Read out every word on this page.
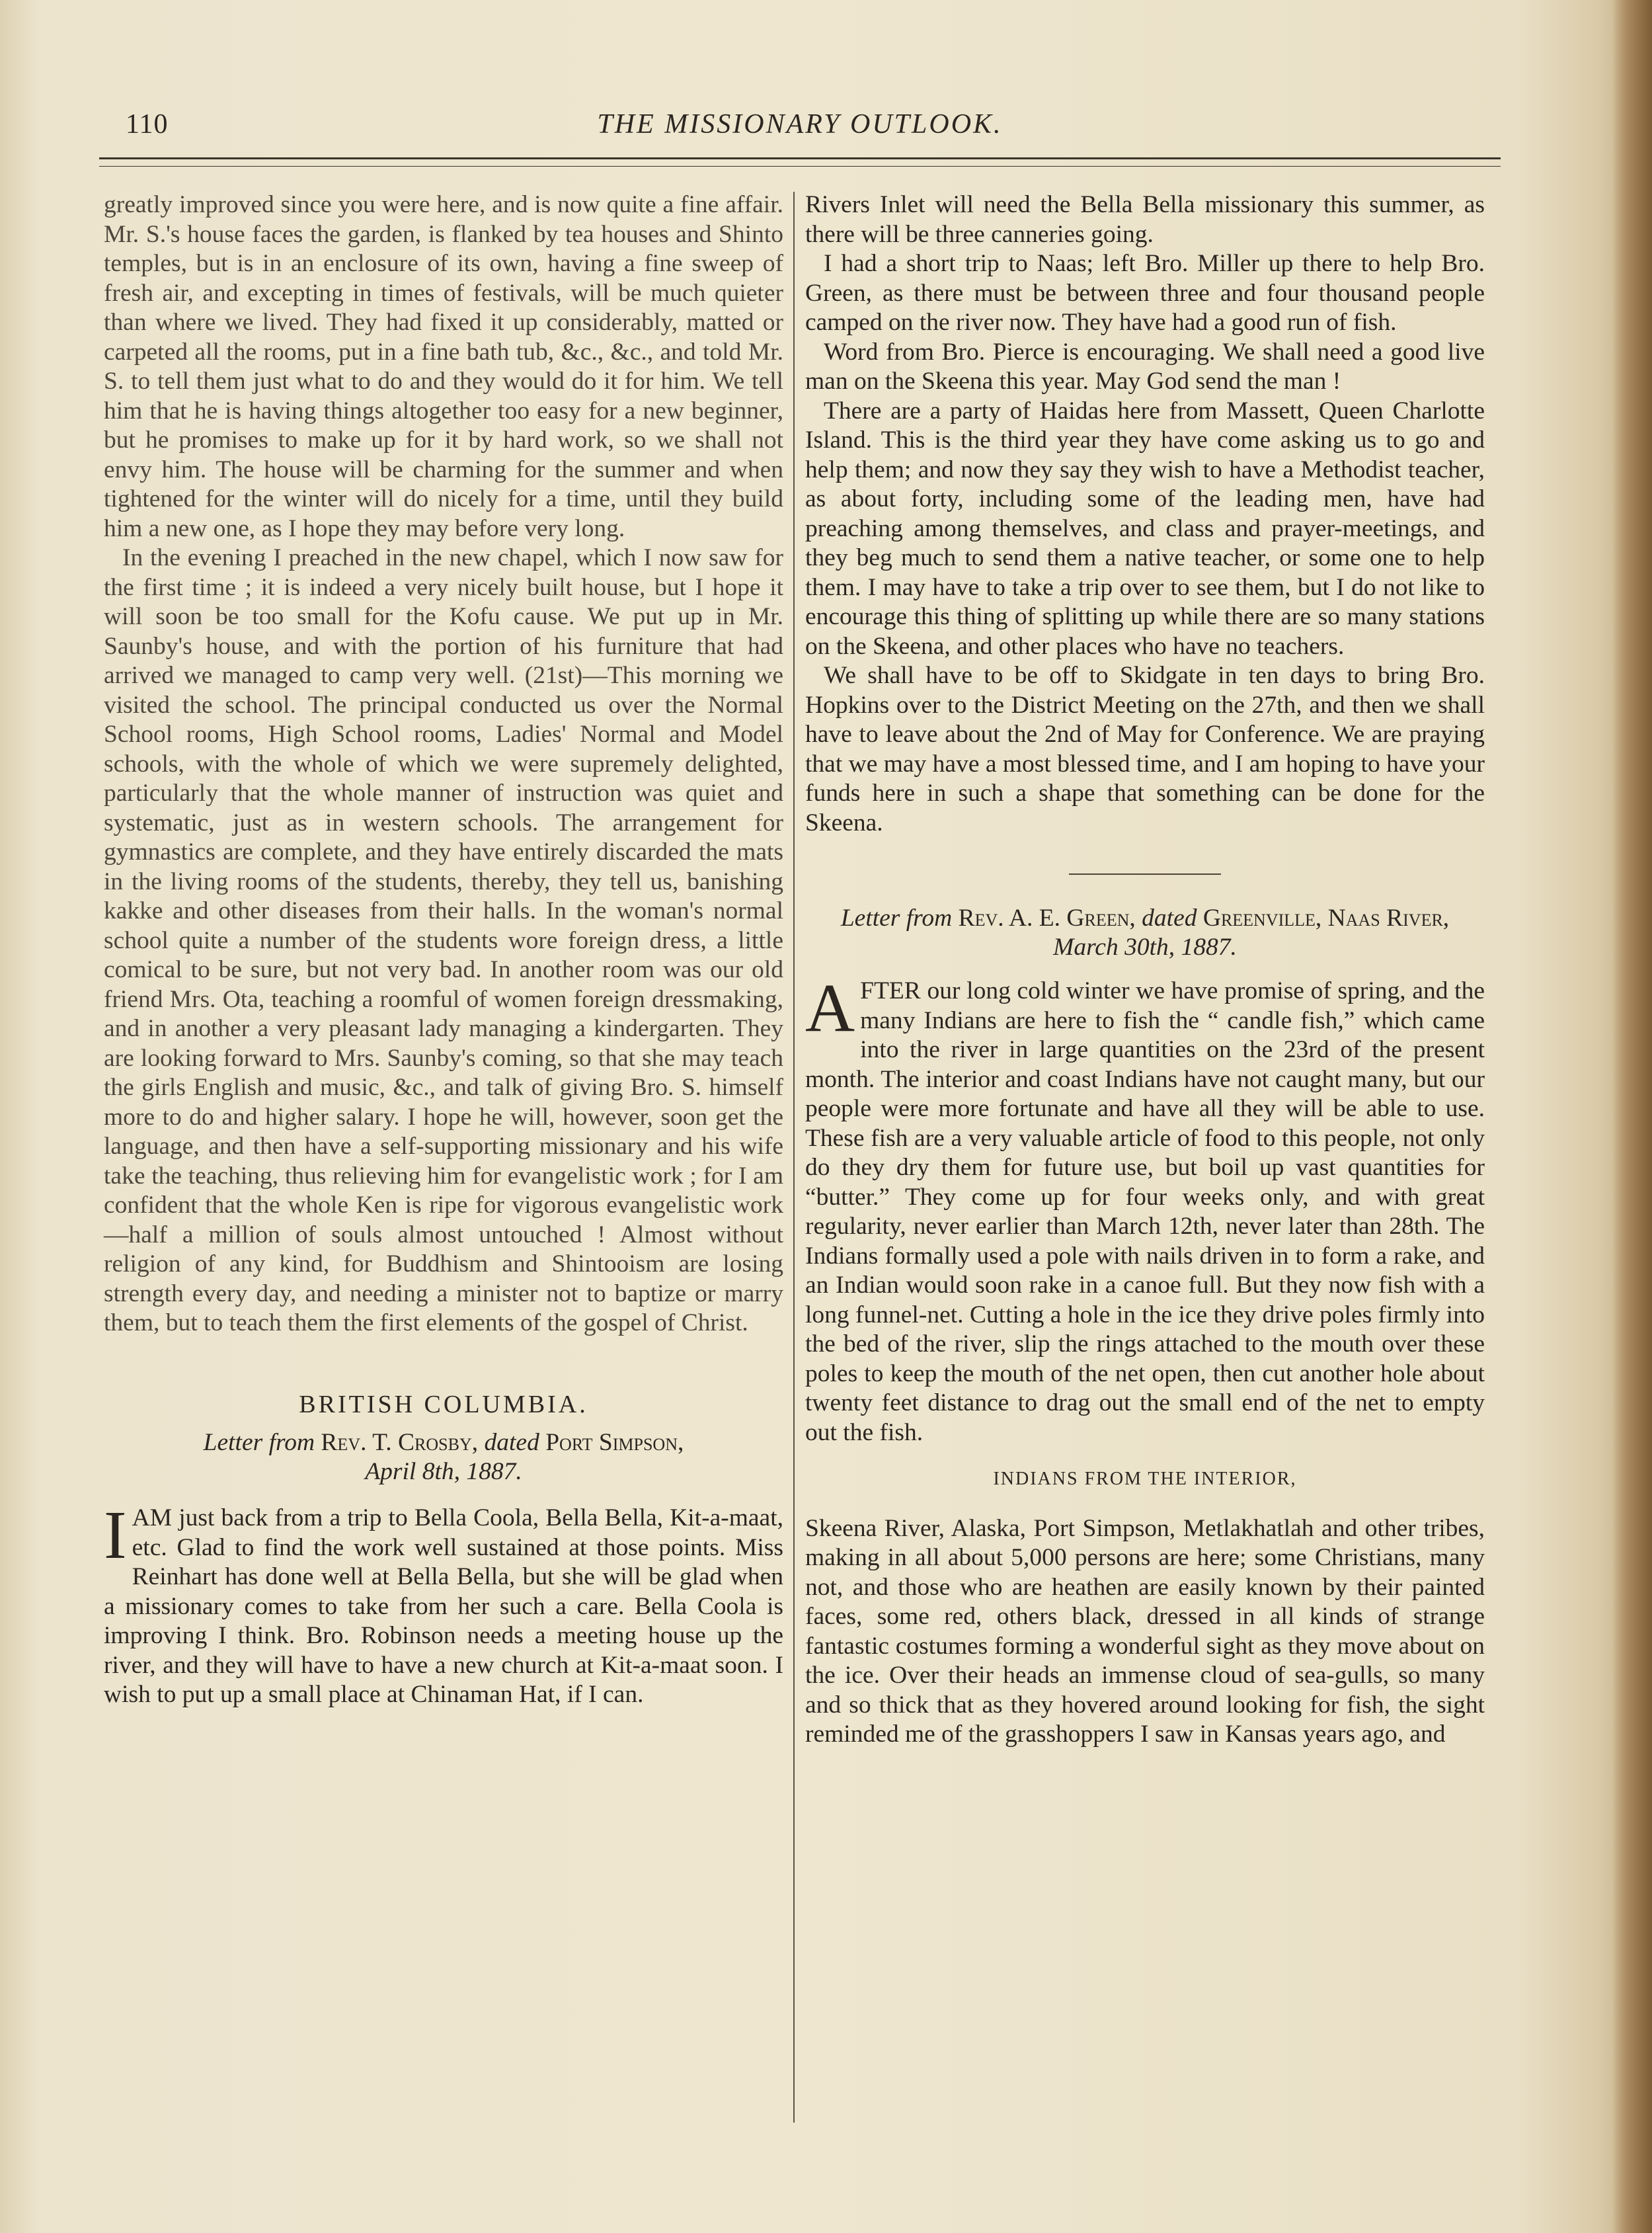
110	THE MISSIONARY OUTLOOK.

greatly improved since you were here, and is now quite a fine affair. Mr. S.'s house faces the garden, is flanked by tea houses and Shinto temples, but is in an enclosure of its own, having a fine sweep of fresh air, and excepting in times of festivals, will be much quieter than where we lived. They had fixed it up considerably, matted or carpeted all the rooms, put in a fine bath tub, &c., &c., and told Mr. S. to tell them just what to do and they would do it for him. We tell him that he is having things altogether too easy for a new beginner, but he promises to make up for it by hard work, so we shall not envy him. The house will be charming for the summer and when tightened for the winter will do nicely for a time, until they build him a new one, as I hope they may before very long.

In the evening I preached in the new chapel, which I now saw for the first time ; it is indeed a very nicely built house, but I hope it will soon be too small for the Kofu cause. We put up in Mr. Saunby's house, and with the portion of his furniture that had arrived we managed to camp very well. (21st)—This morning we visited the school. The principal conducted us over the Normal School rooms, High School rooms, Ladies' Normal and Model schools, with the whole of which we were supremely delighted, particularly that the whole manner of instruction was quiet and systematic, just as in western schools. The arrangement for gymnastics are complete, and they have entirely discarded the mats in the living rooms of the students, thereby, they tell us, banishing kakke and other diseases from their halls. In the woman's normal school quite a number of the students wore foreign dress, a little comical to be sure, but not very bad. In another room was our old friend Mrs. Ota, teaching a roomful of women foreign dressmaking, and in another a very pleasant lady managing a kindergarten. They are looking forward to Mrs. Saunby's coming, so that she may teach the girls English and music, &c., and talk of giving Bro. S. himself more to do and higher salary. I hope he will, however, soon get the language, and then have a self-supporting missionary and his wife take the teaching, thus relieving him for evangelistic work ; for I am confident that the whole Ken is ripe for vigorous evangelistic work—half a million of souls almost untouched ! Almost without religion of any kind, for Buddhism and Shintooism are losing strength every day, and needing a minister not to baptize or marry them, but to teach them the first elements of the gospel of Christ.

BRITISH COLUMBIA.
Letter from Rev. T. Crosby, dated Port Simpson,
April 8th, 1887.

IAM just back from a trip to Bella Coola, Bella Bella, Kit-a-maat, etc. Glad to find the work well sustained at those points. Miss Reinhart has done well at Bella Bella, but she will be glad when a missionary comes to take from her such a care. Bella Coola is improving I think. Bro. Robinson needs a meeting house up the river, and they will have to have a new church at Kit-a-maat soon. I wish to put up a small place at Chinaman Hat, if I can.

Rivers Inlet will need the Bella Bella missionary this summer, as there will be three canneries going.

I had a short trip to Naas; left Bro. Miller up there to help Bro. Green, as there must be between three and four thousand people camped on the river now. They have had a good run of fish.

Word from Bro. Pierce is encouraging. We shall need a good live man on the Skeena this year. May God send the man !

There are a party of Haidas here from Massett, Queen Charlotte Island. This is the third year they have come asking us to go and help them; and now they say they wish to have a Methodist teacher, as about forty, including some of the leading men, have had preaching among themselves, and class and prayer-meetings, and they beg much to send them a native teacher, or some one to help them. I may have to take a trip over to see them, but I do not like to encourage this thing of splitting up while there are so many stations on the Skeena, and other places who have no teachers.

We shall have to be off to Skidgate in ten days to bring Bro. Hopkins over to the District Meeting on the 27th, and then we shall have to leave about the 2nd of May for Conference. We are praying that we may have a most blessed time, and I am hoping to have your funds here in such a shape that something can be done for the Skeena.

Letter from Rev. A. E. Green, dated Greenville, Naas River, March 30th, 1887.

AFTER our long cold winter we have promise of spring, and the many Indians are here to fish the “ candle fish,” which came into the river in large quantities on the 23rd of the present month. The interior and coast Indians have not caught many, but our people were more fortunate and have all they will be able to use. These fish are a very valuable article of food to this people, not only do they dry them for future use, but boil up vast quantities for “butter.” They come up for four weeks only, and with great regularity, never earlier than March 12th, never later than 28th. The Indians formally used a pole with nails driven in to form a rake, and an Indian would soon rake in a canoe full. But they now fish with a long funnel-net. Cutting a hole in the ice they drive poles firmly into the bed of the river, slip the rings attached to the mouth over these poles to keep the mouth of the net open, then cut another hole about twenty feet distance to drag out the small end of the net to empty out the fish.

INDIANS FROM THE INTERIOR,

Skeena River, Alaska, Port Simpson, Metlakhatlah and other tribes, making in all about 5,000 persons are here; some Christians, many not, and those who are heathen are easily known by their painted faces, some red, others black, dressed in all kinds of strange fantastic costumes forming a wonderful sight as they move about on the ice. Over their heads an immense cloud of sea-gulls, so many and so thick that as they hovered around looking for fish, the sight reminded me of the grasshoppers I saw in Kansas years ago, and
